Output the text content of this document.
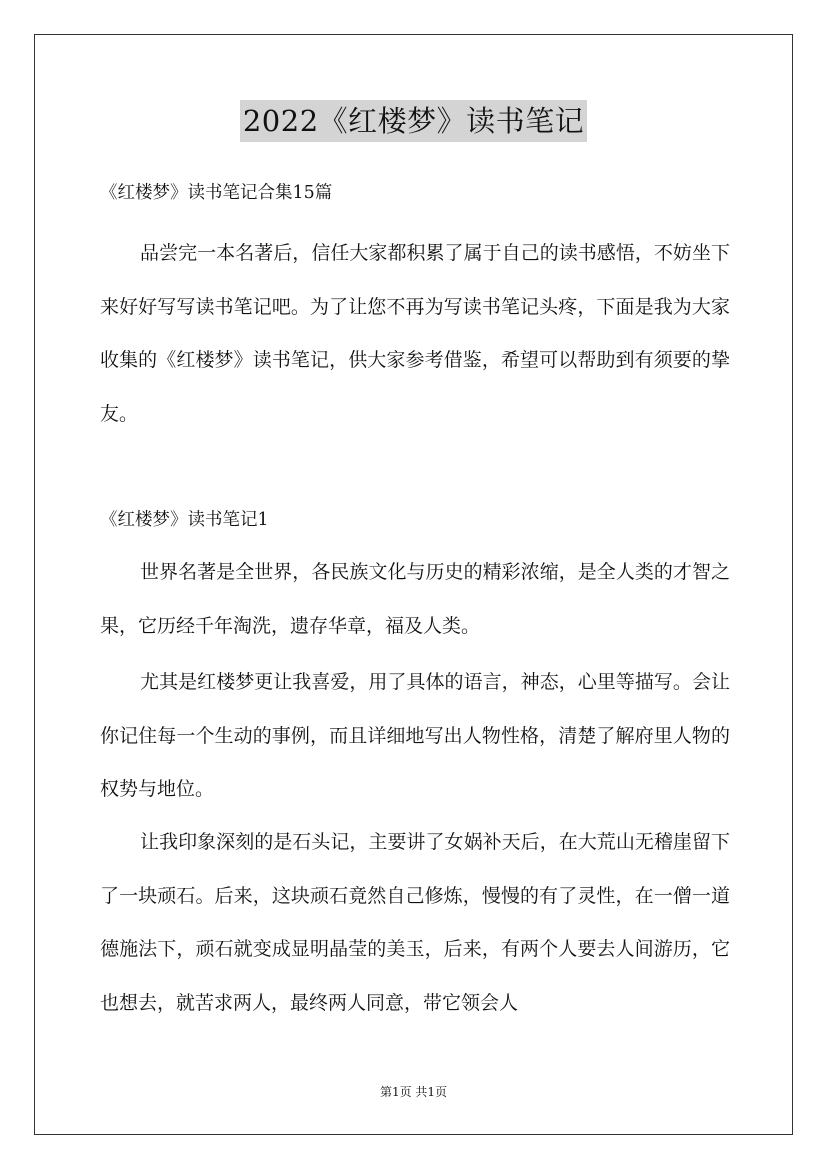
2022《红楼梦》读书笔记
《红楼梦》读书笔记合集15篇

品尝完一本名著后，信任大家都积累了属于自己的读书感悟，不妨坐下来好好写写读书笔记吧。为了让您不再为写读书笔记头疼，下面是我为大家收集的《红楼梦》读书笔记，供大家参考借鉴，希望可以帮助到有须要的挚友。

《红楼梦》读书笔记1

世界名著是全世界，各民族文化与历史的精彩浓缩，是全人类的才智之果，它历经千年淘洗，遗存华章，福及人类。

尤其是红楼梦更让我喜爱，用了具体的语言，神态，心里等描写。会让你记住每一个生动的事例，而且详细地写出人物性格，清楚了解府里人物的权势与地位。

让我印象深刻的是石头记，主要讲了女娲补天后，在大荒山无稽崖留下了一块顽石。后来，这块顽石竟然自己修炼，慢慢的有了灵性，在一僧一道德施法下，顽石就变成显明晶莹的美玉，后来，有两个人要去人间游历，它也想去，就苦求两人，最终两人同意，带它领会人

第1页 共1页
